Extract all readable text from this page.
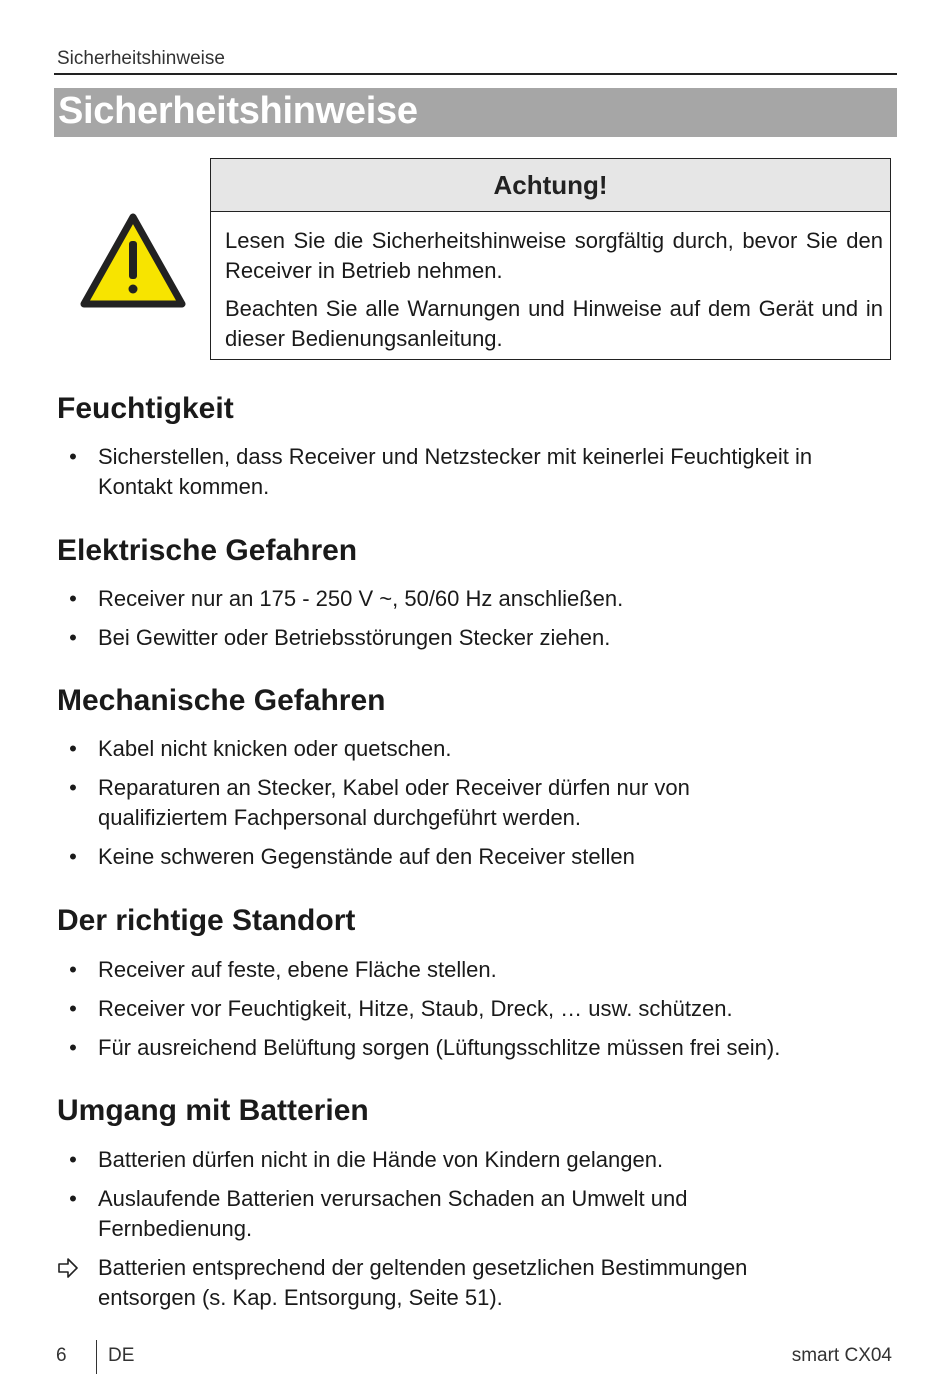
Sicherheitshinweise
Sicherheitshinweise
Achtung!

Lesen Sie die Sicherheitshinweise sorgfältig durch, bevor Sie den Receiver in Betrieb nehmen.

Beachten Sie alle Warnungen und Hinweise auf dem Gerät und in dieser Bedienungsanleitung.

Feuchtigkeit
• Sicherstellen, dass Receiver und Netzstecker mit keinerlei Feuchtigkeit in Kontakt kommen.
Elektrische Gefahren
• Receiver nur an 175 - 250 V ~, 50/60 Hz anschließen.
• Bei Gewitter oder Betriebsstörungen Stecker ziehen.
Mechanische Gefahren
• Kabel nicht knicken oder quetschen.
• Reparaturen an Stecker, Kabel oder Receiver dürfen nur von qualifiziertem Fachpersonal durchgeführt werden.
• Keine schweren Gegenstände auf den Receiver stellen
Der richtige Standort
• Receiver auf feste, ebene Fläche stellen.
• Receiver vor Feuchtigkeit, Hitze, Staub, Dreck, … usw. schützen.
• Für ausreichend Belüftung sorgen (Lüftungsschlitze müssen frei sein).
Umgang mit Batterien
• Batterien dürfen nicht in die Hände von Kindern gelangen.
• Auslaufende Batterien verursachen Schaden an Umwelt und Fernbedienung.
Batterien entsprechend der geltenden gesetzlichen Bestimmungen entsorgen (s. Kap. Entsorgung, Seite 51).
6 DE	smart CX04
